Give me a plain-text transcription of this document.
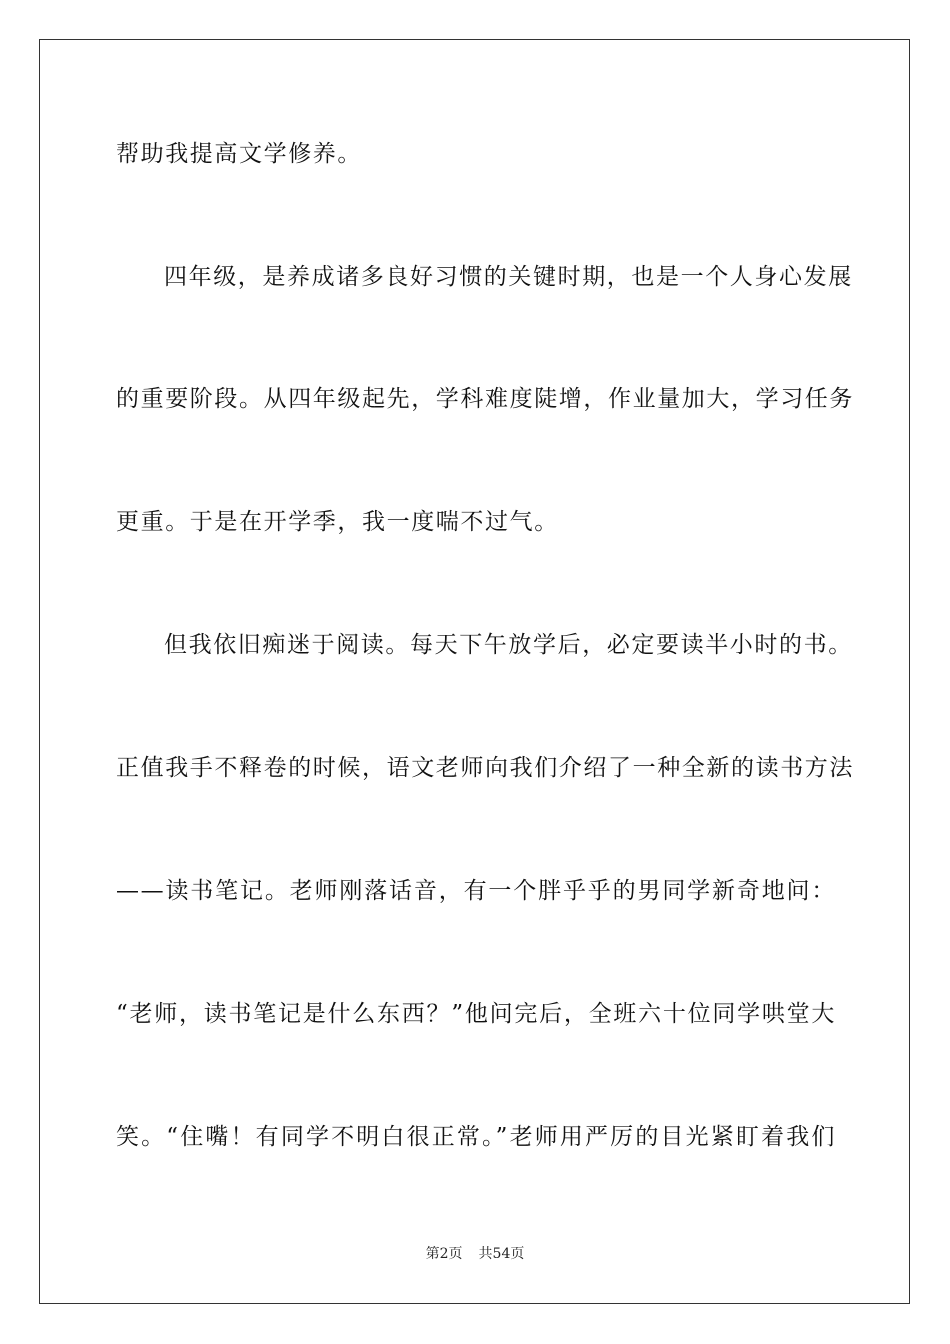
帮助我提高文学修养。
四年级，是养成诸多良好习惯的关键时期，也是一个人身心发展
的重要阶段。从四年级起先，学科难度陡增，作业量加大，学习任务
更重。于是在开学季，我一度喘不过气。
但我依旧痴迷于阅读。每天下午放学后，必定要读半小时的书。
正值我手不释卷的时候，语文老师向我们介绍了一种全新的读书方法
——读书笔记。老师刚落话音，有一个胖乎乎的男同学新奇地问：
“老师，读书笔记是什么东西？”他问完后，全班六十位同学哄堂大
笑。“住嘴！有同学不明白很正常。”老师用严厉的目光紧盯着我们
第2页 共54页
